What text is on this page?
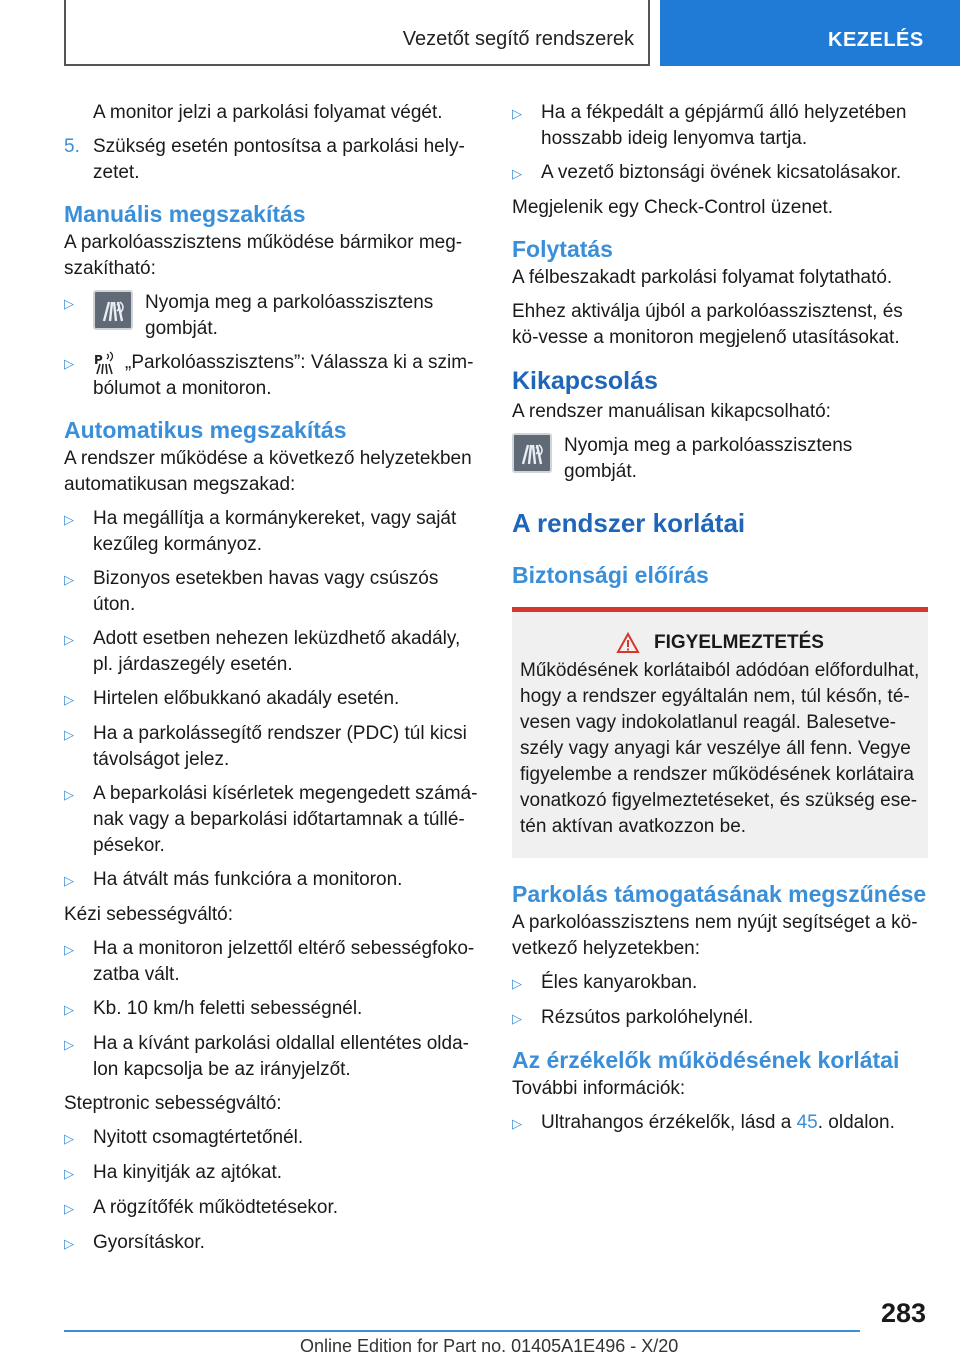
Vezetőt segítő rendszerek	KEZELÉS
A monitor jelzi a parkolási folyamat végét.
5. Szükség esetén pontosítsa a parkolási hely-zetet.
Manuális megszakítás
A parkolóasszisztens működése bármikor meg-szakítható:
▷	Nyomja meg a parkolóasszisztens gombját.
▷	P „Parkolóasszisztens”: Válassza ki a szim-bólumot a monitoron.
Automatikus megszakítás
A rendszer működése a következő helyzetekben automatikusan megszakad:
▷	Ha megállítja a kormánykereket, vagy saját kezűleg kormányoz.
▷	Bizonyos esetekben havas vagy csúszós úton.
▷	Adott esetben nehezen leküzdhető akadály, pl. járdaszegély esetén.
▷	Hirtelen előbukkanó akadály esetén.
▷	Ha a parkolássegítő rendszer (PDC) túl kicsi távolságot jelez.
▷	A beparkolási kísérletek megengedett számá-nak vagy a beparkolási időtartamnak a túllé-pésekor.
▷	Ha átvált más funkcióra a monitoron.
Kézi sebességváltó:
▷	Ha a monitoron jelzettől eltérő sebességfoko-zatba vált.
▷	Kb. 10 km/h feletti sebességnél.
▷	Ha a kívánt parkolási oldallal ellentétes olda-lon kapcsolja be az irányjelzőt.
Steptronic sebességváltó:
▷	Nyitott csomagtértetőnél.
▷	Ha kinyitják az ajtókat.
▷	A rögzítőfék működtetésekor.
▷	Gyorsításkor.
▷	Ha a fékpedált a gépjármű álló helyzetében hosszabb ideig lenyomva tartja.
▷	A vezető biztonsági övének kicsatolásakor.
Megjelenik egy Check-Control üzenet.
Folytatás
A félbeszakadt parkolási folyamat folytatható.
Ehhez aktiválja újból a parkolóasszisztenst, és kö-vesse a monitoron megjelenő utasításokat.
Kikapcsolás
A rendszer manuálisan kikapcsolható:
Nyomja meg a parkolóasszisztens gombját.
A rendszer korlátai
Biztonsági előírás
FIGYELMEZTETÉS
Működésének korlátaiból adódóan előfordulhat, hogy a rendszer egyáltalán nem, túl későn, té-vesen vagy indokolatlanul reagál. Balesetve-szély vagy anyagi kár veszélye áll fenn. Vegye figyelembe a rendszer működésének korlátaira vonatkozó figyelmeztetéseket, és szükség ese-tén aktívan avatkozzon be.
Parkolás támogatásának megszűnése
A parkolóasszisztens nem nyújt segítséget a kö-vetkező helyzetekben:
▷	Éles kanyarokban.
▷	Rézsútos parkolóhelynél.
Az érzékelők működésének korlátai
További információk:
▷	Ultrahangos érzékelők, lásd a 45. oldalon.
283
Online Edition for Part no. 01405A1E496 - X/20
